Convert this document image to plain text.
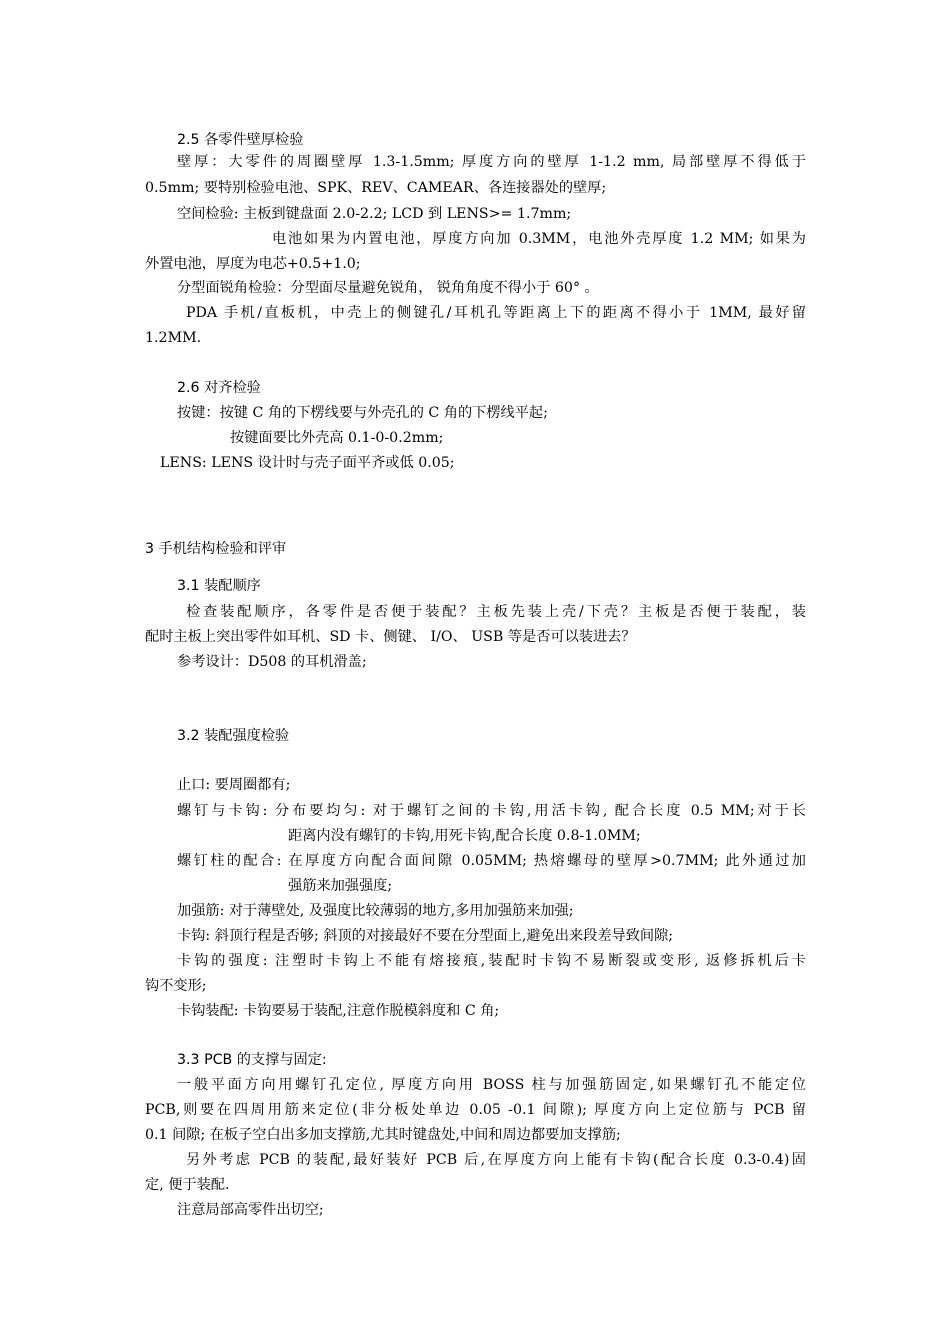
2.5 各零件壁厚检验
壁厚：大零件的周圈壁厚 1.3-1.5mm; 厚度方向的壁厚 1-1.2 mm, 局部壁厚不得低于
0.5mm; 要特别检验电池、SPK、REV、CAMEAR、各连接器处的壁厚;
空间检验: 主板到键盘面 2.0-2.2; LCD 到 LENS>= 1.7mm;
电池如果为内置电池，厚度方向加 0.3MM，电池外壳厚度 1.2 MM; 如果为
外置电池，厚度为电芯+0.5+1.0;
分型面锐角检验：分型面尽量避免锐角， 锐角角度不得小于 60° 。
PDA 手机/直板机，中壳上的侧键孔/耳机孔等距离上下的距离不得小于 1MM, 最好留
1.2MM.
2.6 对齐检验
按键：按键 C 角的下楞线要与外壳孔的 C 角的下楞线平起;
按键面要比外壳高 0.1-0-0.2mm;
LENS: LENS 设计时与壳子面平齐或低 0.05;
3 手机结构检验和评审
3.1 装配顺序
检查装配顺序，各零件是否便于装配？主板先装上壳/下壳？主板是否便于装配，装
配时主板上突出零件如耳机、SD 卡、侧键、 I/O、 USB 等是否可以装进去？
参考设计：D508 的耳机滑盖;
3.2 装配强度检验
止口: 要周圈都有;
螺钉与卡钩: 分布要均匀: 对于螺钉之间的卡钩,用活卡钩, 配合长度 0.5 MM;对于长
距离内没有螺钉的卡钩,用死卡钩,配合长度 0.8-1.0MM;
螺钉柱的配合: 在厚度方向配合面间隙 0.05MM; 热熔螺母的壁厚>0.7MM; 此外通过加
强筋来加强强度;
加强筋: 对于薄壁处, 及强度比较薄弱的地方,多用加强筋来加强;
卡钩: 斜顶行程是否够; 斜顶的对接最好不要在分型面上,避免出来段差导致间隙;
卡钩的强度: 注塑时卡钩上不能有熔接痕,装配时卡钩不易断裂或变形, 返修拆机后卡
钩不变形;
卡钩装配: 卡钩要易于装配,注意作脱模斜度和 C 角;
3.3 PCB 的支撑与固定:
一般平面方向用螺钉孔定位, 厚度方向用 BOSS 柱与加强筋固定,如果螺钉孔不能定位
PCB,则要在四周用筋来定位(非分板处单边 0.05 -0.1 间隙); 厚度方向上定位筋与 PCB 留
0.1 间隙; 在板子空白出多加支撑筋,尤其时键盘处,中间和周边都要加支撑筋;
另外考虑 PCB 的装配,最好装好 PCB 后,在厚度方向上能有卡钩(配合长度 0.3-0.4)固
定, 便于装配.
注意局部高零件出切空;
